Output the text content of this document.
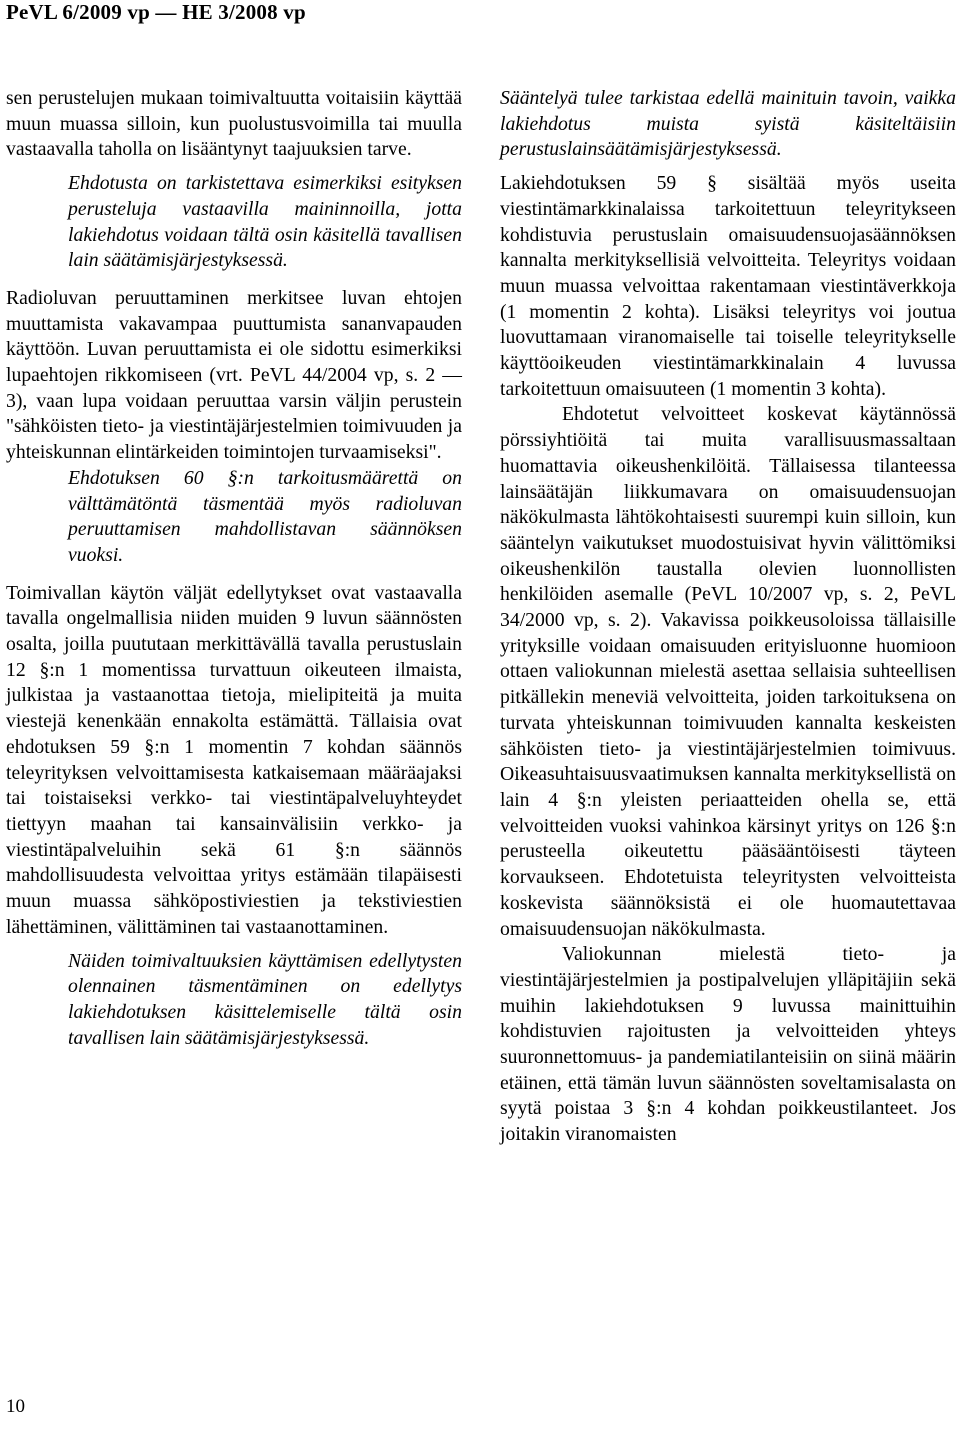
PeVL 6/2009 vp — HE 3/2008 vp

sen perustelujen mukaan toimivaltuutta voitaisiin käyttää muun muassa silloin, kun puolustusvoimilla tai muulla vastaavalla taholla on lisääntynyt taajuuksien tarve.

Ehdotusta on tarkistettava esimerkiksi esityksen perusteluja vastaavilla maininnoilla, jotta lakiehdotus voidaan tältä osin käsitellä tavallisen lain säätämisjärjestyksessä.

Radioluvan peruuttaminen merkitsee luvan ehtojen muuttamista vakavampaa puuttumista sananvapauden käyttöön. Luvan peruuttamista ei ole sidottu esimerkiksi lupaehtojen rikkomiseen (vrt. PeVL 44/2004 vp, s. 2 —3), vaan lupa voidaan peruuttaa varsin väljin perustein "sähköisten tieto- ja viestintäjärjestelmien toimivuuden ja yhteiskunnan elintärkeiden toimintojen turvaamiseksi".

Ehdotuksen 60 §:n tarkoitusmäärettä on välttämätöntä täsmentää myös radioluvan peruuttamisen mahdollistavan säännöksen vuoksi.

Toimivallan käytön väljät edellytykset ovat vastaavalla tavalla ongelmallisia niiden muiden 9 luvun säännösten osalta, joilla puututaan merkittävällä tavalla perustuslain 12 §:n 1 momentissa turvattuun oikeuteen ilmaista, julkistaa ja vastaanottaa tietoja, mielipiteitä ja muita viestejä kenenkään ennakolta estämättä. Tällaisia ovat ehdotuksen 59 §:n 1 momentin 7 kohdan säännös teleyrityksen velvoittamisesta katkaisemaan määräajaksi tai toistaiseksi verkko- tai viestintäpalveluyhteydet tiettyyn maahan tai kansainvälisiin verkko- ja viestintäpalveluihin sekä 61 §:n säännös mahdollisuudesta velvoittaa yritys estämään tilapäisesti muun muassa sähköpostiviestien ja tekstiviestien lähettäminen, välittäminen tai vastaanottaminen.

Näiden toimivaltuuksien käyttämisen edellytysten olennainen täsmentäminen on edellytys lakiehdotuksen käsittelemiselle tältä osin tavallisen lain säätämisjärjestyksessä.

Sääntelyä tulee tarkistaa edellä mainituin tavoin, vaikka lakiehdotus muista syistä käsiteltäisiin perustuslainsäätämisjärjestyksessä.

Lakiehdotuksen 59 § sisältää myös useita viestintämarkkinalaissa tarkoitettuun teleyritykseen kohdistuvia perustuslain omaisuudensuojasäännöksen kannalta merkityksellisiä velvoitteita. Teleyritys voidaan muun muassa velvoittaa rakentamaan viestintäverkkoja (1 momentin 2 kohta). Lisäksi teleyritys voi joutua luovuttamaan viranomaiselle tai toiselle teleyritykselle käyttöoikeuden viestintämarkkinalain 4 luvussa tarkoitettuun omaisuuteen (1 momentin 3 kohta).

Ehdotetut velvoitteet koskevat käytännössä pörssiyhtiöitä tai muita varallisuusmassaltaan huomattavia oikeushenkilöitä. Tällaisessa tilanteessa lainsäätäjän liikkumavara on omaisuudensuojan näkökulmasta lähtökohtaisesti suurempi kuin silloin, kun sääntelyn vaikutukset muodostuisivat hyvin välittömiksi oikeushenkilön taustalla olevien luonnollisten henkilöiden asemalle (PeVL 10/2007 vp, s. 2, PeVL 34/2000 vp, s. 2). Vakavissa poikkeusoloissa tällaisille yrityksille voidaan omaisuuden erityisluonne huomioon ottaen valiokunnan mielestä asettaa sellaisia suhteellisen pitkällekin meneviä velvoitteita, joiden tarkoituksena on turvata yhteiskunnan toimivuuden kannalta keskeisten sähköisten tieto- ja viestintäjärjestelmien toimivuus. Oikeasuhtaisuusvaatimuksen kannalta merkityksellistä on lain 4 §:n yleisten periaatteiden ohella se, että velvoitteiden vuoksi vahinkoa kärsinyt yritys on 126 §:n perusteella oikeutettu pääsääntöisesti täyteen korvaukseen. Ehdotetuista teleyritysten velvoitteista koskevista säännöksistä ei ole huomautettavaa omaisuudensuojan näkökulmasta.

Valiokunnan mielestä tieto- ja viestintäjärjestelmien ja postipalvelujen ylläpitäjiin sekä muihin lakiehdotuksen 9 luvussa mainittuihin kohdistuvien rajoitusten ja velvoitteiden yhteys suuronnettomuus- ja pandemiatilanteisiin on siinä määrin etäinen, että tämän luvun säännösten soveltamisalasta on syytä poistaa 3 §:n 4 kohdan poikkeustilanteet. Jos joitakin viranomaisten

10
